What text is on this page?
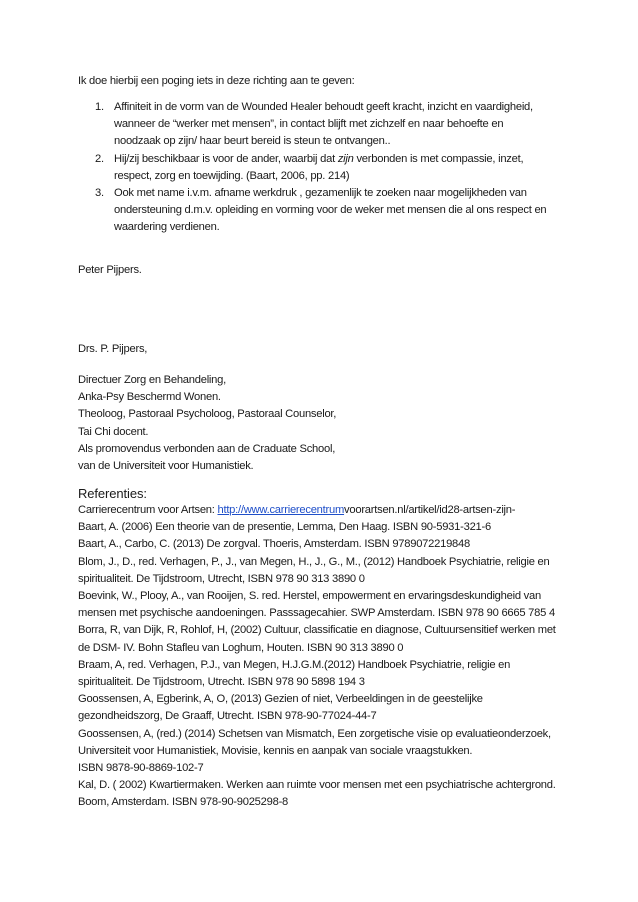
Ik doe hierbij een poging iets in deze richting aan te geven:
1. Affiniteit in de vorm van de Wounded Healer behoudt geeft kracht, inzicht en vaardigheid,
wanneer de “werker met mensen”, in contact blijft met zichzelf en naar behoefte en
noodzaak op zijn/ haar beurt bereid is steun te ontvangen..
2. Hij/zij beschikbaar is voor de ander, waarbij dat zijn verbonden is met compassie, inzet,
respect, zorg en toewijding. (Baart, 2006, pp. 214)
3. Ook met name i.v.m. afname werkdruk , gezamenlijk te zoeken naar mogelijkheden van
ondersteuning d.m.v. opleiding en vorming voor de weker met mensen die al ons respect en
waardering verdienen.
Peter Pijpers.
Drs. P. Pijpers,
Directuer Zorg en Behandeling,
Anka-Psy Beschermd Wonen.
Theoloog, Pastoraal Psycholoog, Pastoraal Counselor,
Tai Chi docent.
Als promovendus verbonden aan de Craduate School,
van de Universiteit voor Humanistiek.
Referenties:
Carrierecentrum voor Artsen: http://www.carrierecentrumvoorartsen.nl/artikel/id28-artsen-zijn-
Baart, A. (2006) Een theorie van de presentie, Lemma, Den Haag. ISBN 90-5931-321-6
Baart, A., Carbo, C. (2013) De zorgval. Thoeris, Amsterdam. ISBN 9789072219848
Blom, J., D., red. Verhagen, P., J., van Megen, H., J., G., M., (2012) Handboek Psychiatrie, religie en
spiritualiteit. De Tijdstroom, Utrecht, ISBN 978 90 313 3890 0
Boevink, W., Plooy, A., van Rooijen, S. red. Herstel, empowerment en ervaringsdeskundigheid van
mensen met psychische aandoeningen. Passsagecahier. SWP Amsterdam. ISBN 978 90 6665 785 4
Borra, R, van Dijk, R, Rohlof, H, (2002) Cultuur, classificatie en diagnose, Cultuursensitief werken met
de DSM- IV. Bohn Stafleu van Loghum, Houten. ISBN 90 313 3890 0
Braam, A, red. Verhagen, P.J., van Megen, H.J.G.M.(2012) Handboek Psychiatrie, religie en
spiritualiteit. De Tijdstroom, Utrecht. ISBN 978 90 5898 194 3
Goossensen, A, Egberink, A, O, (2013) Gezien of niet, Verbeeldingen in de geestelijke
gezondheidszorg, De Graaff, Utrecht. ISBN 978-90-77024-44-7
Goossensen, A, (red.) (2014) Schetsen van Mismatch, Een zorgetische visie op evaluatieonderzoek,
Universiteit voor Humanistiek, Movisie, kennis en aanpak van sociale vraagstukken.
ISBN 9878-90-8869-102-7
Kal, D. ( 2002) Kwartiermaken. Werken aan ruimte voor mensen met een psychiatrische achtergrond.
Boom, Amsterdam. ISBN 978-90-9025298-8
